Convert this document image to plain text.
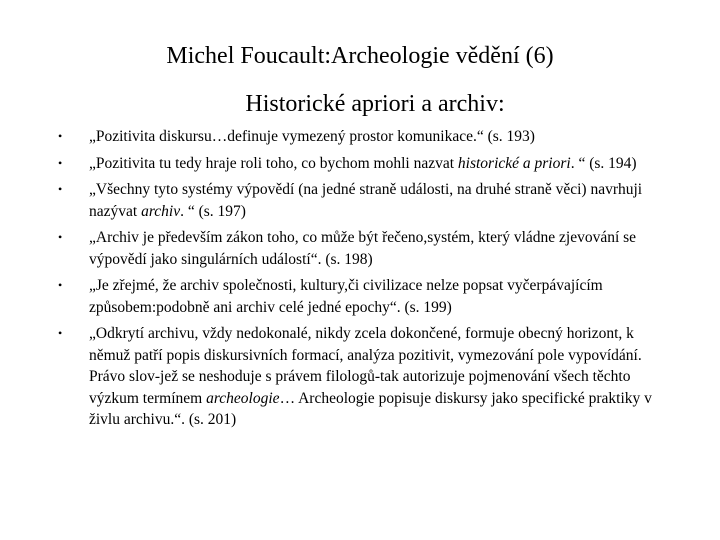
Michel Foucault:Archeologie vědění (6)
Historické apriori a archiv:
• „Pozitivita diskursu…definuje vymezený prostor komunikace.“ (s. 193)
• „Pozitivita tu tedy hraje roli toho, co bychom mohli nazvat historické a priori. “ (s. 194)
• „Všechny tyto systémy výpovědí (na jedné straně události, na druhé straně věci) navrhuji nazývat archiv. “ (s. 197)
• „Archiv je především zákon toho, co může být řečeno,systém, který vládne zjevování se výpovědí jako singulárních událostí“. (s. 198)
• „Je zřejmé, že archiv společnosti, kultury,či civilizace nelze popsat vyčerpávajícím způsobem:podobně ani archiv celé jedné epochy“. (s. 199)
• „Odkrytí archivu, vždy nedokonalé, nikdy zcela dokončené, formuje obecný horizont, k němuž patří popis diskursivních formací, analýza pozitivit, vymezování pole vypovídání. Právo slov-jež se neshoduje s právem filologů-tak autorizuje pojmenování všech těchto výzkum termínem archeologie… Archeologie popisuje diskursy jako specifické praktiky v živlu archivu.“. (s. 201)
